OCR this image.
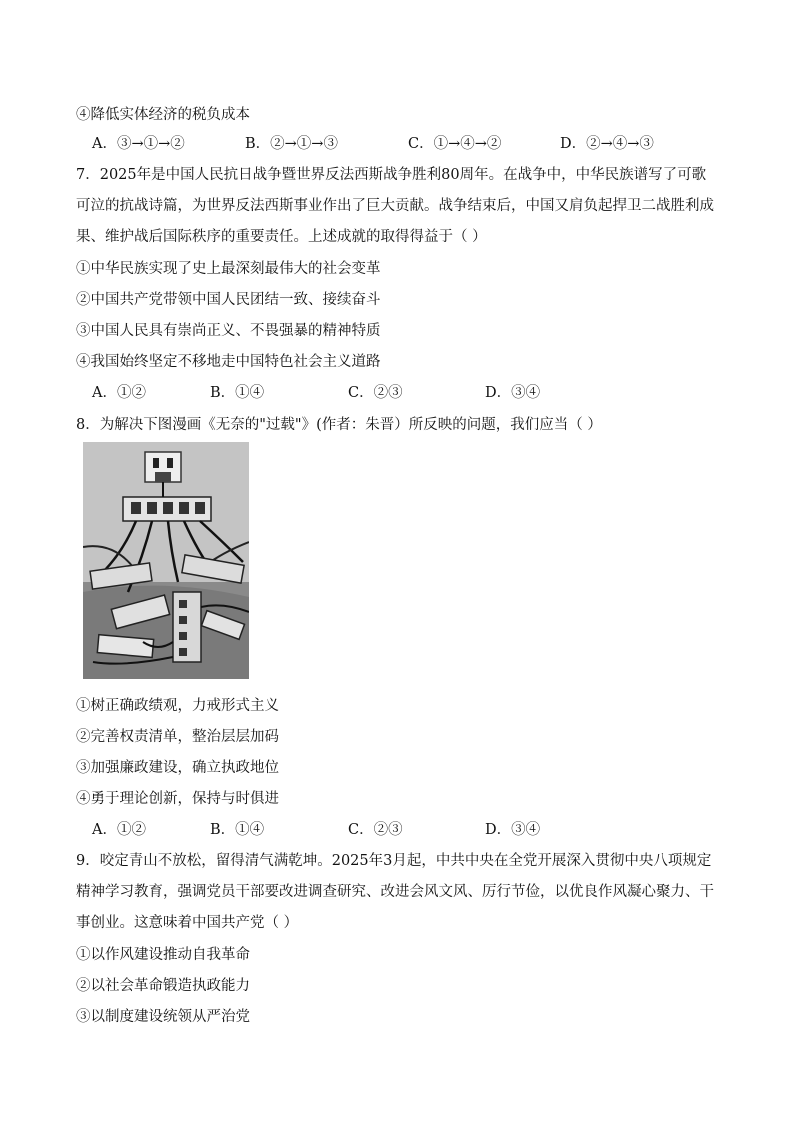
④降低实体经济的税负成本
A．③→①→②	B．②→①→③	C．①→④→②	D．②→④→③
7．2025年是中国人民抗日战争暨世界反法西斯战争胜利80周年。在战争中，中华民族谱写了可歌可泣的抗战诗篇，为世界反法西斯事业作出了巨大贡献。战争结束后，中国又肩负起捍卫二战胜利成果、维护战后国际秩序的重要责任。上述成就的取得得益于（ ）
①中华民族实现了史上最深刻最伟大的社会变革
②中国共产党带领中国人民团结一致、接续奋斗
③中国人民具有崇尚正义、不畏强暴的精神特质
④我国始终坚定不移地走中国特色社会主义道路
A．①②	B．①④	C．②③	D．③④
8．为解决下图漫画《无奈的"过载"》(作者：朱晋）所反映的问题，我们应当（ ）
①树正确政绩观，力戒形式主义
②完善权责清单，整治层层加码
③加强廉政建设，确立执政地位
④勇于理论创新，保持与时俱进
A．①②	B．①④	C．②③	D．③④
9．咬定青山不放松，留得清气满乾坤。2025年3月起，中共中央在全党开展深入贯彻中央八项规定精神学习教育，强调党员干部要改进调查研究、改进会风文风、厉行节俭，以优良作风凝心聚力、干事创业。这意味着中国共产党（ ）
①以作风建设推动自我革命
②以社会革命锻造执政能力
③以制度建设统领从严治党
